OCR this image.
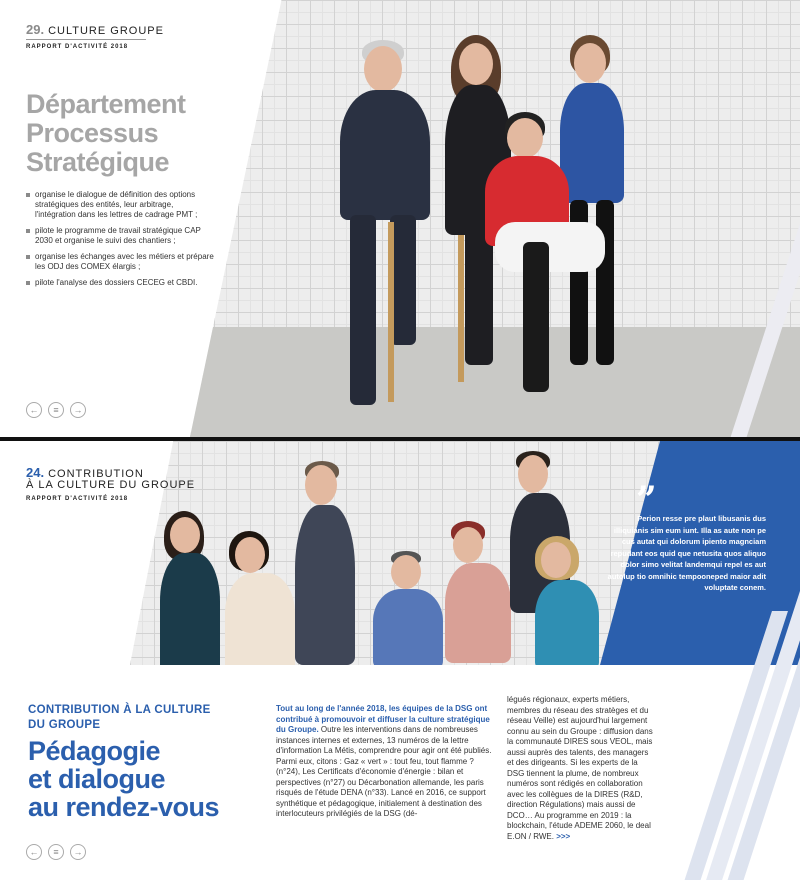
29. CULTURE GROUPE
RAPPORT D'ACTIVITÉ 2018
Département
Processus
Stratégique
organise le dialogue de définition des options stratégiques des entités, leur arbitrage, l'intégration dans les lettres de cadrage PMT ;
pilote le programme de travail stratégique CAP 2030 et organise le suivi des chantiers ;
organise les échanges avec les métiers et prépare les ODJ des COMEX élargis ;
pilote l'analyse des dossiers CECEG et CBDI.
←	≡	→
24. CONTRIBUTION
À LA CULTURE DU GROUPE
RAPPORT D'ACTIVITÉ 2018	”
Perion resse pre plaut libusanis dus illiquianis sim eum iunt. Illa as aute non pe cus autat qui dolorum ipiento magnciam repudant eos quid que netusita quos aliquo dolor simo velitat landemqui repel es aut autolup tio omnihic tempooneped maior adit voluptate conem.
CONTRIBUTION À LA CULTURE
DU GROUPE
Pédagogie
et dialogue
au rendez-vous
Tout au long de l'année 2018, les équipes de la DSG ont contribué à promouvoir et diffuser la culture stratégique du Groupe. Outre les interventions dans de nombreuses instances internes et externes, 13 numéros de la lettre d'information La Métis, comprendre pour agir ont été publiés. Parmi eux, citons : Gaz « vert » : tout feu, tout flamme ? (n°24), Les Certificats d'économie d'énergie : bilan et perspectives (n°27) ou Décarbonation allemande, les paris risqués de l'étude DENA (n°33). Lancé en 2016, ce support synthétique et pédagogique, initialement à destination des interlocuteurs privilégiés de la DSG (dé-
légués régionaux, experts métiers, membres du réseau des stratèges et du réseau Veille) est aujourd'hui largement connu au sein du Groupe : diffusion dans la communauté DIRES sous VEOL, mais aussi auprès des talents, des managers et des dirigeants. Si les experts de la DSG tiennent la plume, de nombreux numéros sont rédigés en collaboration avec les collègues de la DIRES (R&D, direction Régulations) mais aussi de DCO… Au programme en 2019 : la blockchain, l'étude ADEME 2060, le deal E.ON / RWE. >>>
←	≡	→
